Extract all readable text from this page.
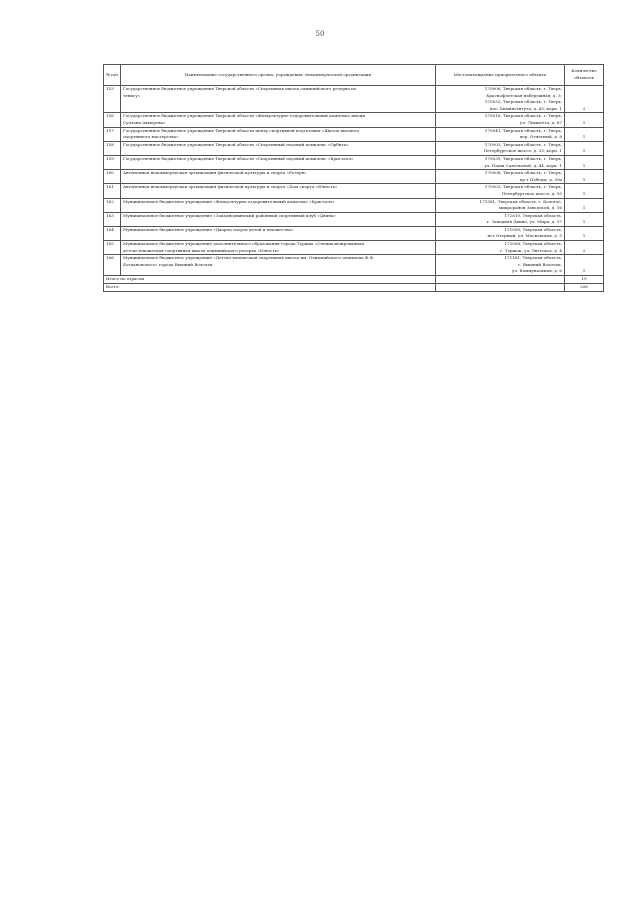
50
№ п/п	Наименование государственного органа, учреждения, некоммерческой организации	Местонахождение приоритетного объекта	Количество объектов
153	Государственное бюджетное учреждение Тверской области «Спортивная школа олимпийского резерва по
тенису»	170006, Тверская область, г. Тверь,
Краснофлотская набережная, д. 3;
170032, Тверская область, г. Тверь,
пос. Химинститута, д. 43, корп. 1	2
156	Государственное бюджетное учреждение Тверской области «Физкультурно-оздоровительный комплекс имени
Султана Ахмерова»	170016, Тверская область, г. Тверь,
ул. Лукштета, д. 87	1
157	Государственное бюджетное учреждение Тверской области центр спортивной подготовки «Школа высшего
спортивного мастерства»	170041, Тверская область, г. Тверь,
пер. Отчетный, д. 8	1
158	Государственное бюджетное учреждение Тверской области «Спортивный ледовый комплекс «Орбита»	170003, Тверская область, г. Тверь,
Петербургское шоссе, д. 33, корп. 1	1
159	Государственное бюджетное учреждение Тверской области «Спортивный ледовый комплекс «Кристалл»	170039, Тверская область, г. Тверь,
ул. Паши Савельевой, д. 44, корп. 1	1
160	Автономная некоммерческая организация физической культуры и спорта «Резерв»	170008, Тверская область, г. Тверь,
пр-т Победы, д. 39а	1
161	Автономная некоммерческая организация физической культуры и спорта «Дом спорта «Юность»	170003, Тверская область, г. Тверь,
Петербургское шоссе, д. 95	1
162	Муниципальное бюджетное учреждение «Физкультурно-оздоровительный комплекс «Кристалл»	171581, Тверская область, г. Бологое,
микрорайон Заводской, д. 16	1
163	Муниципальное бюджетное учреждение «Западнодвинский районный спортивный клуб «Двина»	172610, Тверская область,
г. Западная Двина, ул. Мира, д. 37	1
164	Муниципальное бюджетное учреждение «Дворец спорта детей и юношества»	171090, Тверская область,
пгт Озерный, ул. Московская, д. 9	1
165	Муниципальное бюджетное учреждение дополнительного образования города Торжка «Специализированная
детско-юношеская спортивная школа олимпийского резерва «Юность»	172008, Тверская область,
г. Торжок, ул. Энгельса, д. 4	2
166	Муниципальное бюджетное учреждение «Детско-юношеская спортивная школа им. Олимпийского чемпиона Ф.Ф.
Богдановского» города Вышний Волочек	171161, Тверская область,
г. Вышний Волочек,
ул. Коммунальная, д. 6	1
Итого по отрасли			19
Всего:			206
